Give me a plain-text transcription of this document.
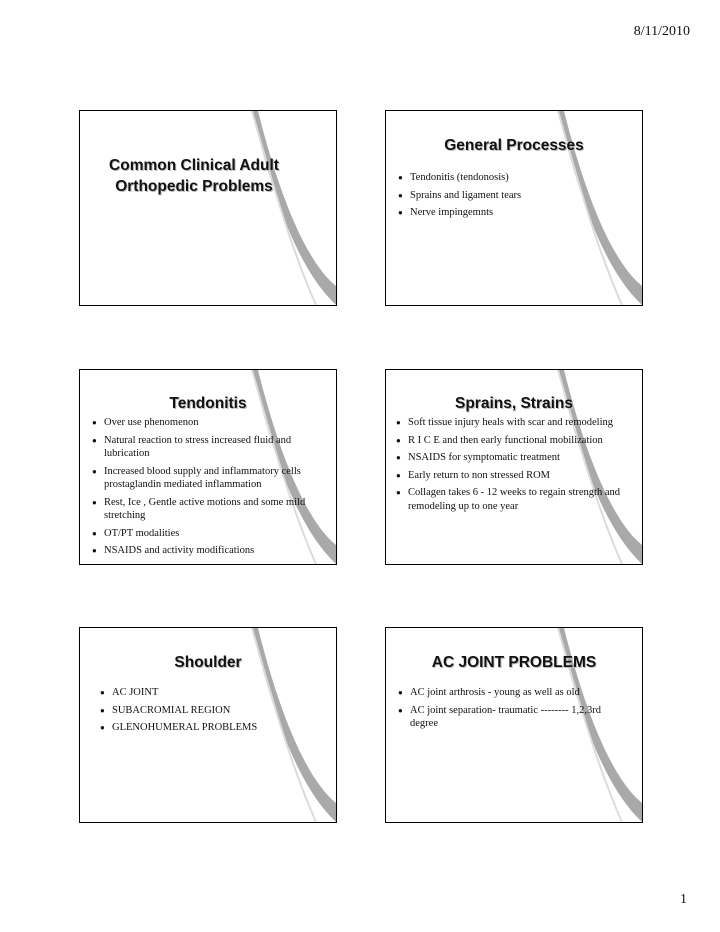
8/11/2010
Common Clinical Adult Orthopedic Problems
General Processes
● Tendonitis (tendonosis)
● Sprains and ligament tears
● Nerve impingemnts
Tendonitis
● Over use phenomenon
● Natural reaction to stress increased fluid and lubrication
● Increased blood supply and inflammatory cells prostaglandin mediated inflammation
● Rest, Ice , Gentle active motions and some mild stretching
● OT/PT modalities
● NSAIDS and activity modifications
Sprains, Strains
● Soft tissue injury heals with scar and remodeling
● R I C E and then early functional mobilization
● NSAIDS for symptomatic treatment
● Early return to non stressed ROM
● Collagen takes 6 - 12 weeks to regain strength and remodeling up to one year
Shoulder
● AC JOINT
● SUBACROMIAL REGION
● GLENOHUMERAL PROBLEMS
AC JOINT PROBLEMS
● AC joint arthrosis - young as well as old
● AC joint separation- traumatic -------- 1,2,3rd degree
1
